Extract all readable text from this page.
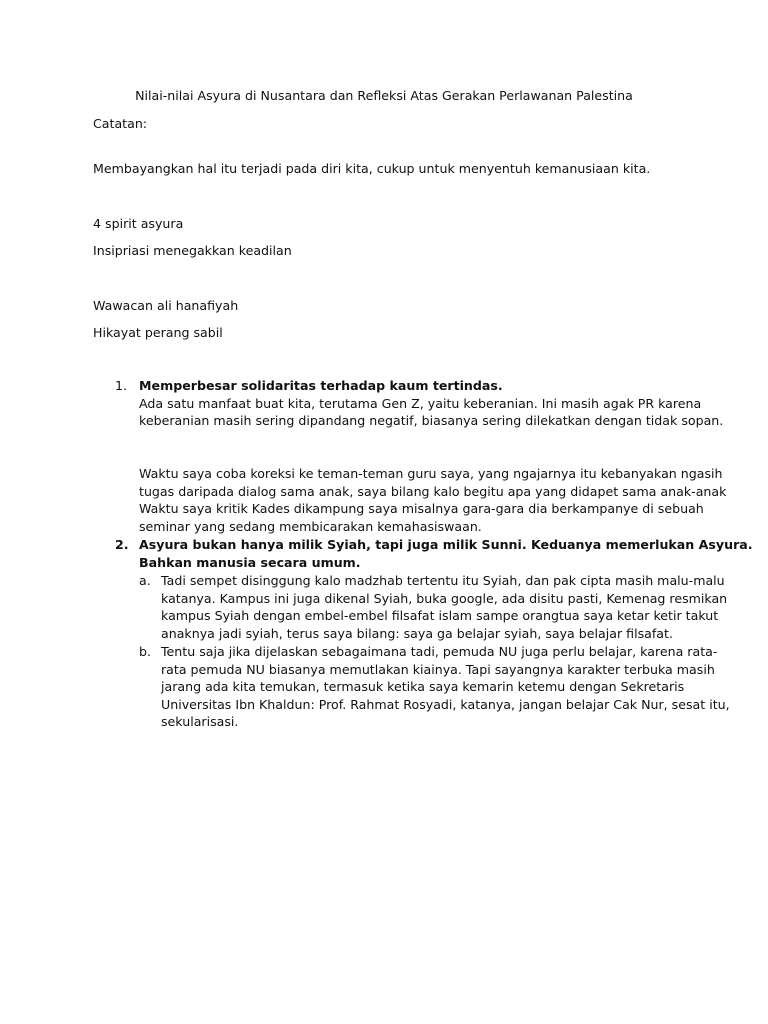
Nilai-nilai Asyura di Nusantara dan Refleksi Atas Gerakan Perlawanan Palestina
Catatan:
Membayangkan hal itu terjadi pada diri kita, cukup untuk menyentuh kemanusiaan kita.
4 spirit asyura
Insipriasi menegakkan keadilan
Wawacan ali hanafiyah
Hikayat perang sabil
1. Memperbesar solidaritas terhadap kaum tertindas.
Ada satu manfaat buat kita, terutama Gen Z, yaitu keberanian. Ini masih agak PR karena
keberanian masih sering dipandang negatif, biasanya sering dilekatkan dengan tidak sopan.
Waktu saya coba koreksi ke teman-teman guru saya, yang ngajarnya itu kebanyakan ngasih
tugas daripada dialog sama anak, saya bilang kalo begitu apa yang didapet sama anak-anak
Waktu saya kritik Kades dikampung saya misalnya gara-gara dia berkampanye di sebuah
seminar yang sedang membicarakan kemahasiswaan.
2. Asyura bukan hanya milik Syiah, tapi juga milik Sunni. Keduanya memerlukan Asyura.
Bahkan manusia secara umum.
a. Tadi sempet disinggung kalo madzhab tertentu itu Syiah, dan pak cipta masih malu-malu
katanya. Kampus ini juga dikenal Syiah, buka google, ada disitu pasti, Kemenag resmikan
kampus Syiah dengan embel-embel filsafat islam sampe orangtua saya ketar ketir takut
anaknya jadi syiah, terus saya bilang: saya ga belajar syiah, saya belajar filsafat.
b. Tentu saja jika dijelaskan sebagaimana tadi, pemuda NU juga perlu belajar, karena rata-
rata pemuda NU biasanya memutlakan kiainya. Tapi sayangnya karakter terbuka masih
jarang ada kita temukan, termasuk ketika saya kemarin ketemu dengan Sekretaris
Universitas Ibn Khaldun: Prof. Rahmat Rosyadi, katanya, jangan belajar Cak Nur, sesat itu,
sekularisasi.
